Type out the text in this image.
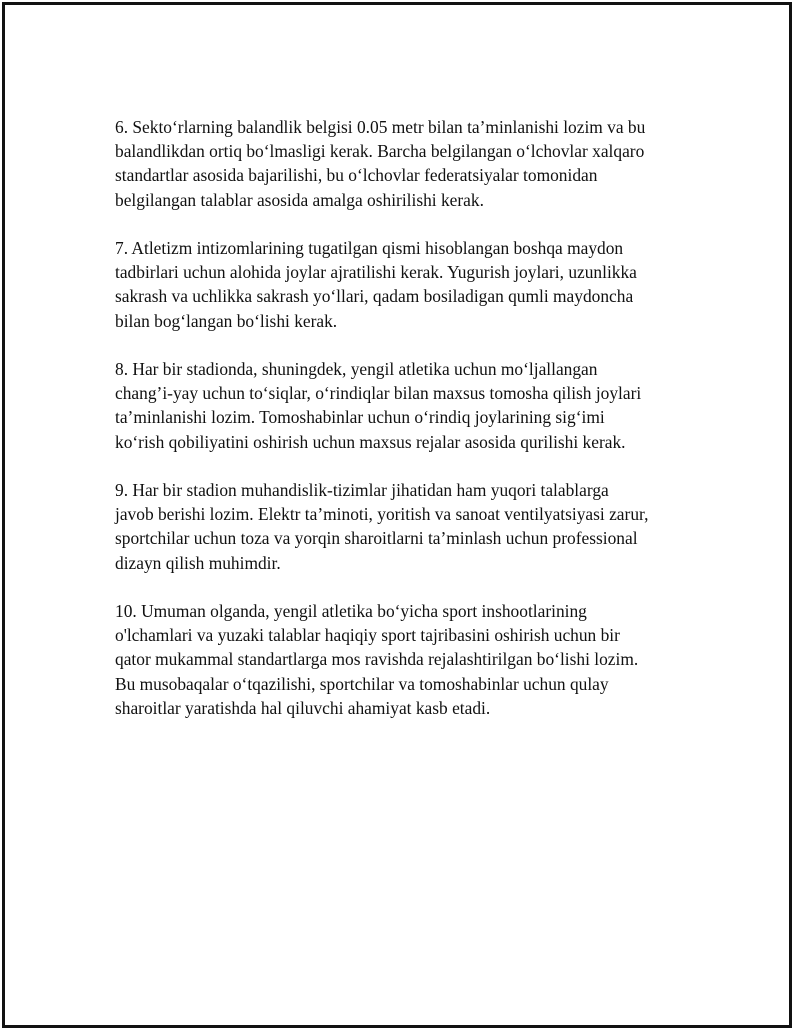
6. Sekto‘rlarning balandlik belgisi 0.05 metr bilan ta’minlanishi lozim va bu
balandlikdan ortiq bo‘lmasligi kerak. Barcha belgilangan o‘lchovlar xalqaro
standartlar asosida bajarilishi, bu o‘lchovlar federatsiyalar tomonidan
belgilangan talablar asosida amalga oshirilishi kerak.

7. Atletizm intizomlarining tugatilgan qismi hisoblangan boshqa maydon
tadbirlari uchun alohida joylar ajratilishi kerak. Yugurish joylari, uzunlikka
sakrash va uchlikka sakrash yo‘llari, qadam bosiladigan qumli maydoncha
bilan bog‘langan bo‘lishi kerak.

8. Har bir stadionda, shuningdek, yengil atletika uchun mo‘ljallangan
chang’i-yay uchun to‘siqlar, o‘rindiqlar bilan maxsus tomosha qilish joylari
ta’minlanishi lozim. Tomoshabinlar uchun o‘rindiq joylarining sig‘imi
ko‘rish qobiliyatini oshirish uchun maxsus rejalar asosida qurilishi kerak.

9. Har bir stadion muhandislik-tizimlar jihatidan ham yuqori talablarga
javob berishi lozim. Elektr ta’minoti, yoritish va sanoat ventilyatsiyasi zarur,
sportchilar uchun toza va yorqin sharoitlarni ta’minlash uchun professional
dizayn qilish muhimdir.

10. Umuman olganda, yengil atletika bo‘yicha sport inshootlarining
o'lchamlari va yuzaki talablar haqiqiy sport tajribasini oshirish uchun bir
qator mukammal standartlarga mos ravishda rejalashtirilgan bo‘lishi lozim.
Bu musobaqalar o‘tqazilishi, sportchilar va tomoshabinlar uchun qulay
sharoitlar yaratishda hal qiluvchi ahamiyat kasb etadi.
